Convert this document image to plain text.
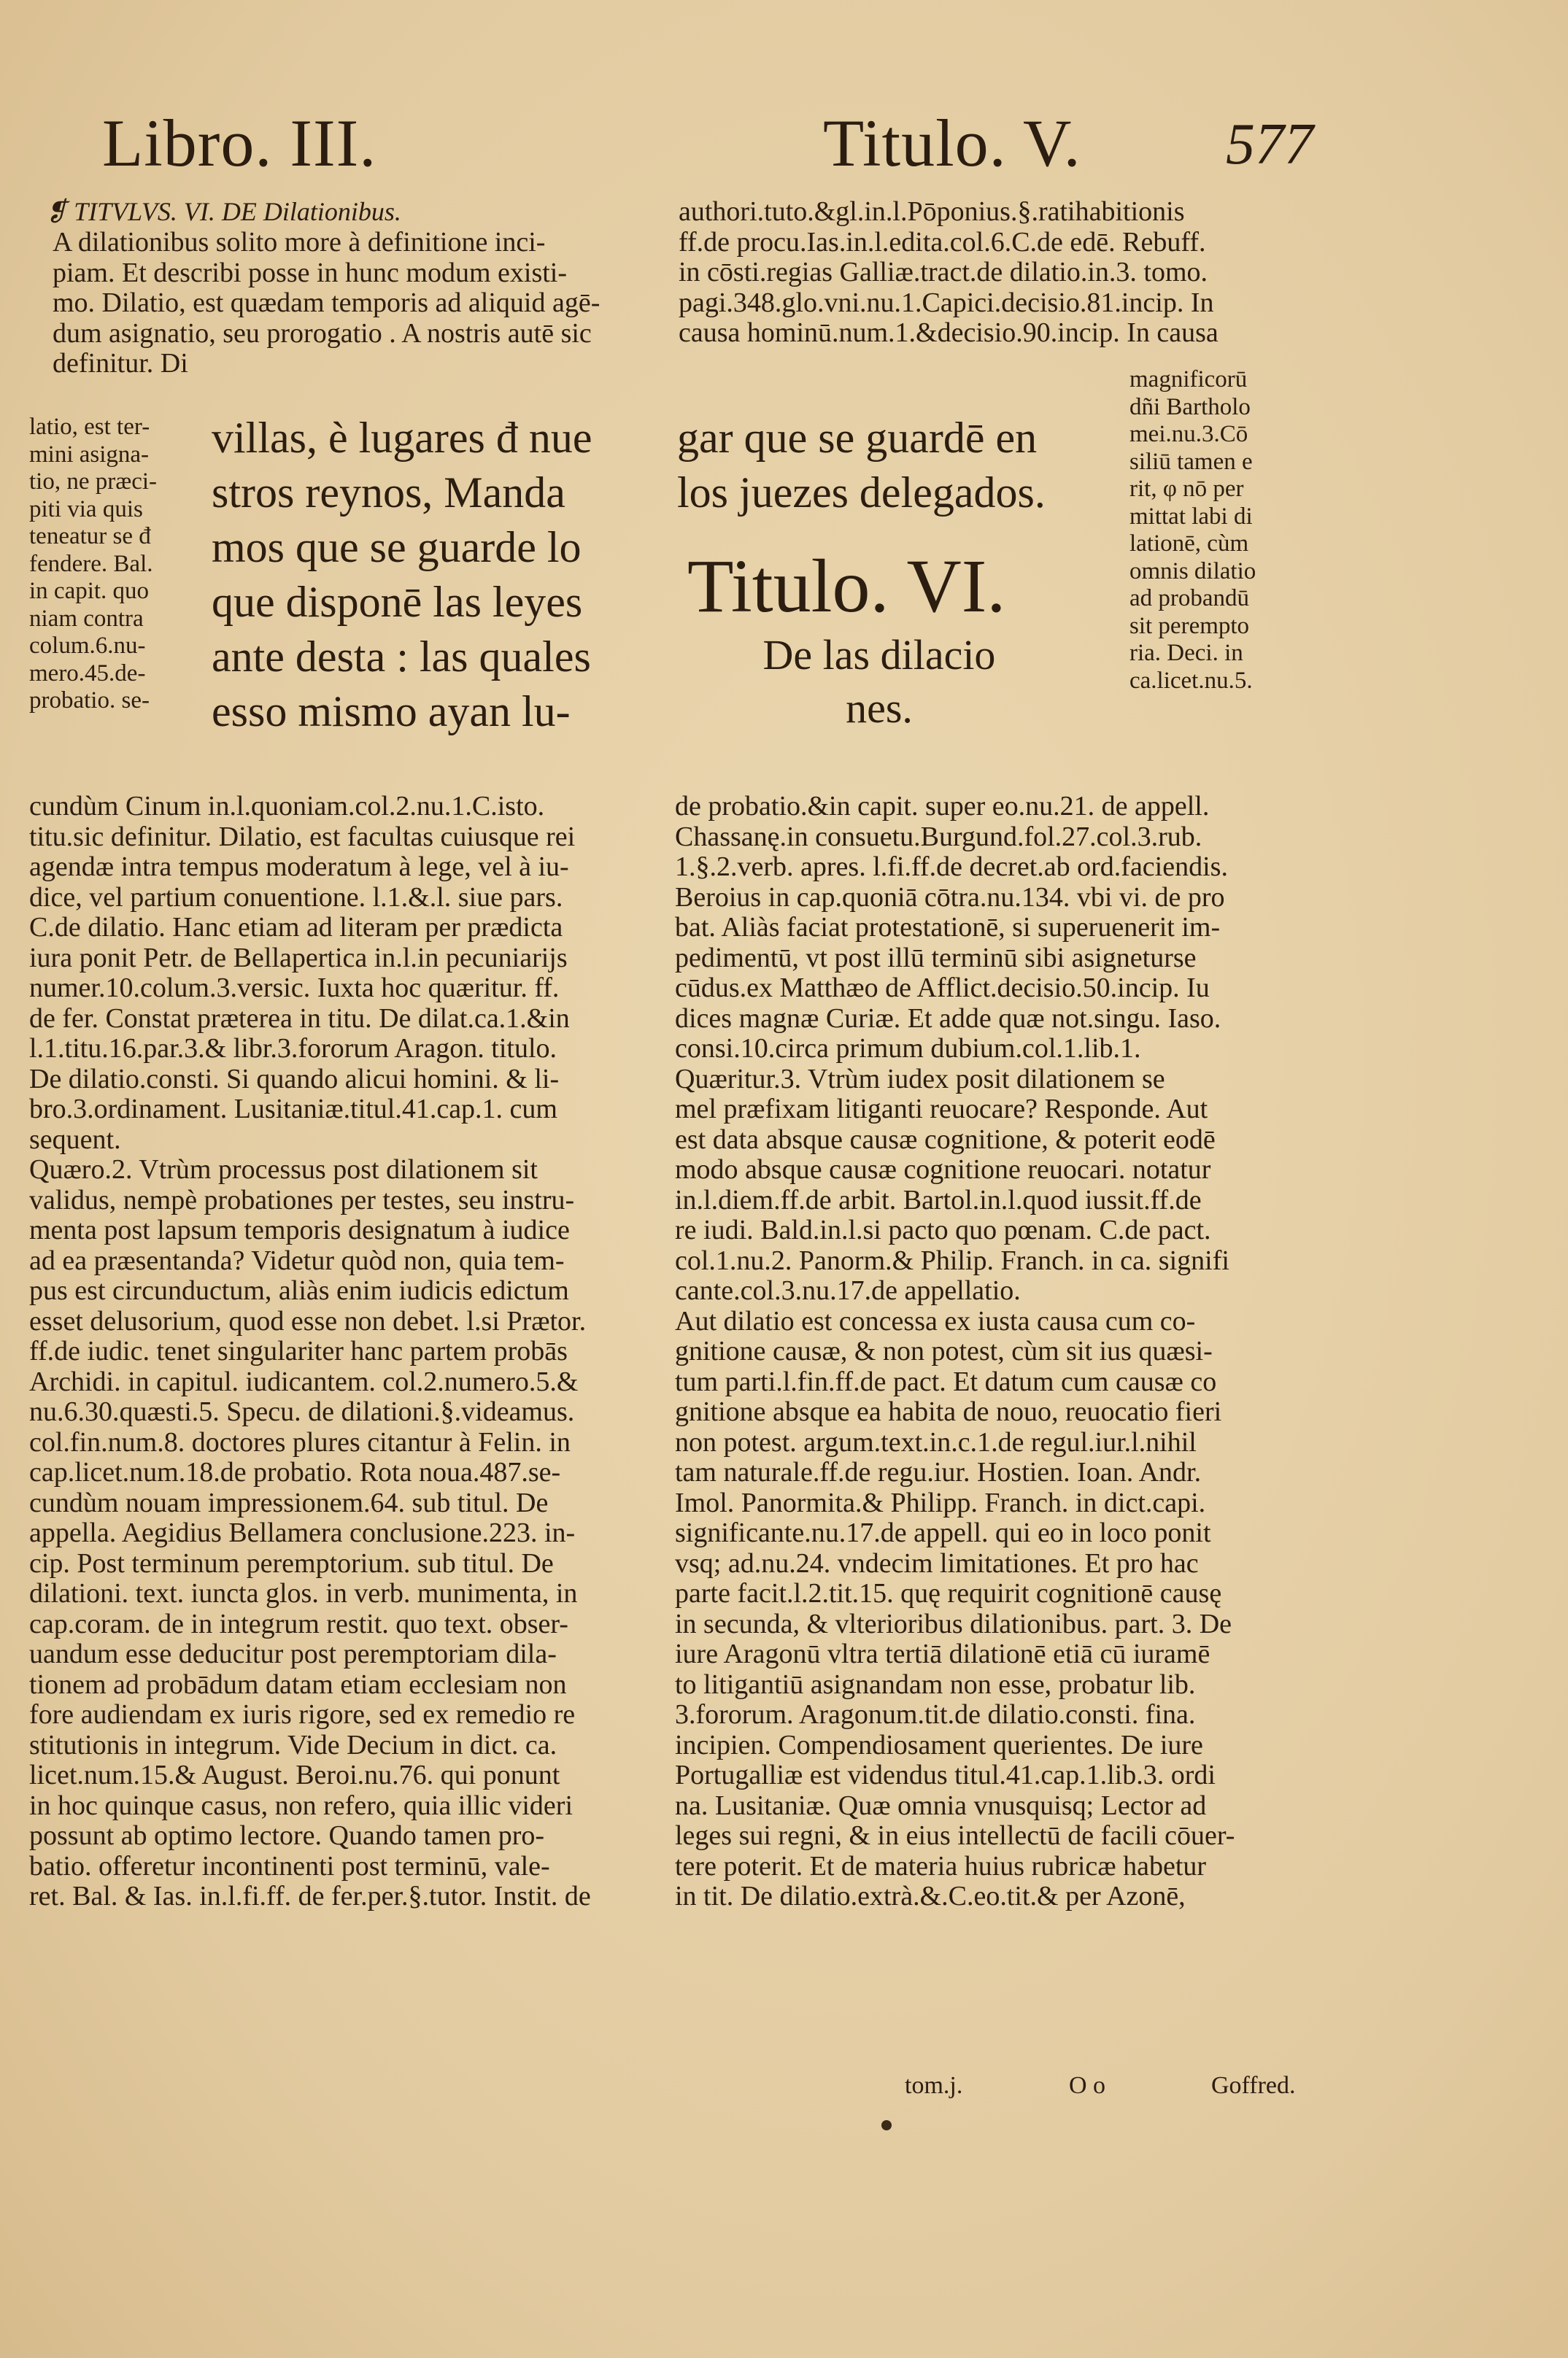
Libro. III.	Titulo. V. 577
❡ TITVLVS. VI. DE Dilationibus.
A dilationibus solito more à definitione inci-
piam. Et describi posse in hunc modum existi-
mo. Dilatio, est quædam temporis ad aliquid agē-
dum asignatio, seu prorogatio . A nostris autē sic
definitur. Di
latio, est ter-
mini asigna-
tio, ne præci-
piti via quis
teneatur se đ
fendere. Bal.
in capit. quo
niam contra
colum.6.nu-
mero.45.de-
probatio. se-
villas, è lugares đ nue
stros reynos, Manda
mos que se guarde lo
que disponē las leyes
ante desta : las quales
esso mismo ayan lu-
cundùm Cinum in.l.quoniam.col.2.nu.1.C.isto.
titu.sic definitur. Dilatio, est facultas cuiusque rei
agendæ intra tempus moderatum à lege, vel à iu-
dice, vel partium conuentione. l.1.&.l. siue pars.
C.de dilatio. Hanc etiam ad literam per prædicta
iura ponit Petr. de Bellapertica in.l.in pecuniarijs
numer.10.colum.3.versic. Iuxta hoc quæritur. ff.
de fer. Constat præterea in titu. De dilat.ca.1.&in
l.1.titu.16.par.3.& libr.3.fororum Aragon. titulo.
De dilatio.consti. Si quando alicui homini. & li-
bro.3.ordinament. Lusitaniæ.titul.41.cap.1. cum
sequent.
Quæro.2. Vtrùm processus post dilationem sit
validus, nempè probationes per testes, seu instru-
menta post lapsum temporis designatum à iudice
ad ea præsentanda? Videtur quòd non, quia tem-
pus est circunductum, aliàs enim iudicis edictum
esset delusorium, quod esse non debet. l.si Prætor.
ff.de iudic. tenet singulariter hanc partem probās
Archidi. in capitul. iudicantem. col.2.numero.5.&
nu.6.30.quæsti.5. Specu. de dilationi.§.videamus.
col.fin.num.8. doctores plures citantur à Felin. in
cap.licet.num.18.de probatio. Rota noua.487.se-
cundùm nouam impressionem.64. sub titul. De
appella. Aegidius Bellamera conclusione.223. in-
cip. Post terminum peremptorium. sub titul. De
dilationi. text. iuncta glos. in verb. munimenta, in
cap.coram. de in integrum restit. quo text. obser-
uandum esse deducitur post peremptoriam dila-
tionem ad probādum datam etiam ecclesiam non
fore audiendam ex iuris rigore, sed ex remedio re
stitutionis in integrum. Vide Decium in dict. ca.
licet.num.15.& August. Beroi.nu.76. qui ponunt
in hoc quinque casus, non refero, quia illic videri
possunt ab optimo lectore. Quando tamen pro-
batio. offeretur incontinenti post terminū, vale-
ret. Bal. & Ias. in.l.fi.ff. de fer.per.§.tutor. Instit. de
authori.tuto.&gl.in.l.Pōponius.§.ratihabitionis
ff.de procu.Ias.in.l.edita.col.6.C.de edē. Rebuff.
in cōsti.regias Galliæ.tract.de dilatio.in.3. tomo.
pagi.348.glo.vni.nu.1.Capici.decisio.81.incip. In
causa hominū.num.1.&decisio.90.incip. In causa
gar que se guardē en
los juezes delegados.
Titulo. VI.
De las dilacio
nes.
magnificorū
dñi Bartholo
mei.nu.3.Cō
siliū tamen e
rit, φ nō per
mittat labi di
lationē, cùm
omnis dilatio
ad probandū
sit perempto
ria. Deci. in
ca.licet.nu.5.
de probatio.&in capit. super eo.nu.21. de appell.
Chassanę.in consuetu.Burgund.fol.27.col.3.rub.
1.§.2.verb. apres. l.fi.ff.de decret.ab ord.faciendis.
Beroius in cap.quoniā cōtra.nu.134. vbi vi. de pro
bat. Aliàs faciat protestationē, si superuenerit im-
pedimentū, vt post illū terminū sibi asigneturse
cūdus.ex Matthæo de Afflict.decisio.50.incip. Iu
dices magnæ Curiæ. Et adde quæ not.singu. Iaso.
consi.10.circa primum dubium.col.1.lib.1.
Quæritur.3. Vtrùm iudex posit dilationem se
mel præfixam litiganti reuocare? Responde. Aut
est data absque causæ cognitione, & poterit eodē
modo absque causæ cognitione reuocari. notatur
in.l.diem.ff.de arbit. Bartol.in.l.quod iussit.ff.de
re iudi. Bald.in.l.si pacto quo pœnam. C.de pact.
col.1.nu.2. Panorm.& Philip. Franch. in ca. signifi
cante.col.3.nu.17.de appellatio.
Aut dilatio est concessa ex iusta causa cum co-
gnitione causæ, & non potest, cùm sit ius quæsi-
tum parti.l.fin.ff.de pact. Et datum cum causæ co
gnitione absque ea habita de nouo, reuocatio fieri
non potest. argum.text.in.c.1.de regul.iur.l.nihil
tam naturale.ff.de regu.iur. Hostien. Ioan. Andr.
Imol. Panormita.& Philipp. Franch. in dict.capi.
significante.nu.17.de appell. qui eo in loco ponit
vsq; ad.nu.24. vndecim limitationes. Et pro hac
parte facit.l.2.tit.15. quę requirit cognitionē causę
in secunda, & vlterioribus dilationibus. part. 3. De
iure Aragonū vltra tertiā dilationē etiā cū iuramē
to litigantiū asignandam non esse, probatur lib.
3.fororum. Aragonum.tit.de dilatio.consti. fina.
incipien. Compendiosament querientes. De iure
Portugalliæ est videndus titul.41.cap.1.lib.3. ordi
na. Lusitaniæ. Quæ omnia vnusquisq; Lector ad
leges sui regni, & in eius intellectū de facili cōuer-
tere poterit. Et de materia huius rubricæ habetur
in tit. De dilatio.extrà.&.C.eo.tit.& per Azonē,
tom.j.	O o	Goffred.
